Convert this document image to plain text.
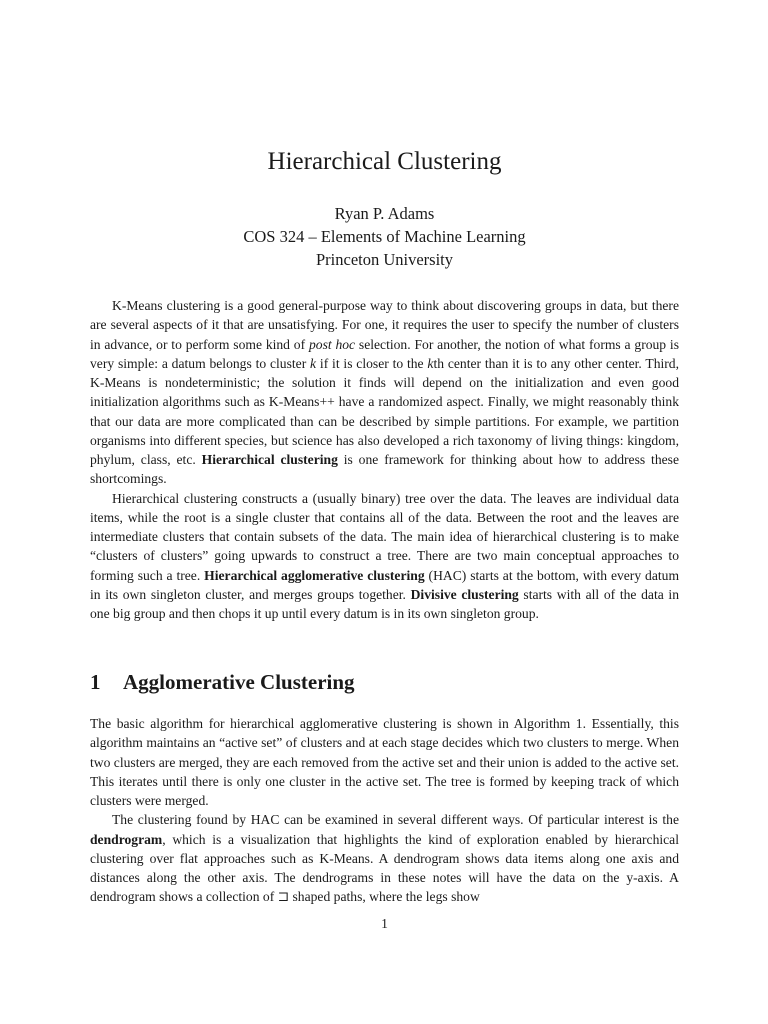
Hierarchical Clustering
Ryan P. Adams
COS 324 – Elements of Machine Learning
Princeton University

K-Means clustering is a good general-purpose way to think about discovering groups in data, but there are several aspects of it that are unsatisfying. For one, it requires the user to specify the number of clusters in advance, or to perform some kind of post hoc selection. For another, the notion of what forms a group is very simple: a datum belongs to cluster k if it is closer to the kth center than it is to any other center. Third, K-Means is nondeterministic; the solution it finds will depend on the initialization and even good initialization algorithms such as K-Means++ have a randomized aspect. Finally, we might reasonably think that our data are more complicated than can be described by simple partitions. For example, we partition organisms into different species, but science has also developed a rich taxonomy of living things: kingdom, phylum, class, etc. Hierarchical clustering is one framework for thinking about how to address these shortcomings.

Hierarchical clustering constructs a (usually binary) tree over the data. The leaves are individual data items, while the root is a single cluster that contains all of the data. Between the root and the leaves are intermediate clusters that contain subsets of the data. The main idea of hierarchical clustering is to make “clusters of clusters” going upwards to construct a tree. There are two main conceptual approaches to forming such a tree. Hierarchical agglomerative clustering (HAC) starts at the bottom, with every datum in its own singleton cluster, and merges groups together. Divisive clustering starts with all of the data in one big group and then chops it up until every datum is in its own singleton group.

1 Agglomerative Clustering

The basic algorithm for hierarchical agglomerative clustering is shown in Algorithm 1. Essentially, this algorithm maintains an “active set” of clusters and at each stage decides which two clusters to merge. When two clusters are merged, they are each removed from the active set and their union is added to the active set. This iterates until there is only one cluster in the active set. The tree is formed by keeping track of which clusters were merged.

The clustering found by HAC can be examined in several different ways. Of particular interest is the dendrogram, which is a visualization that highlights the kind of exploration enabled by hierarchical clustering over flat approaches such as K-Means. A dendrogram shows data items along one axis and distances along the other axis. The dendrograms in these notes will have the data on the y-axis. A dendrogram shows a collection of ⊐ shaped paths, where the legs show

1
